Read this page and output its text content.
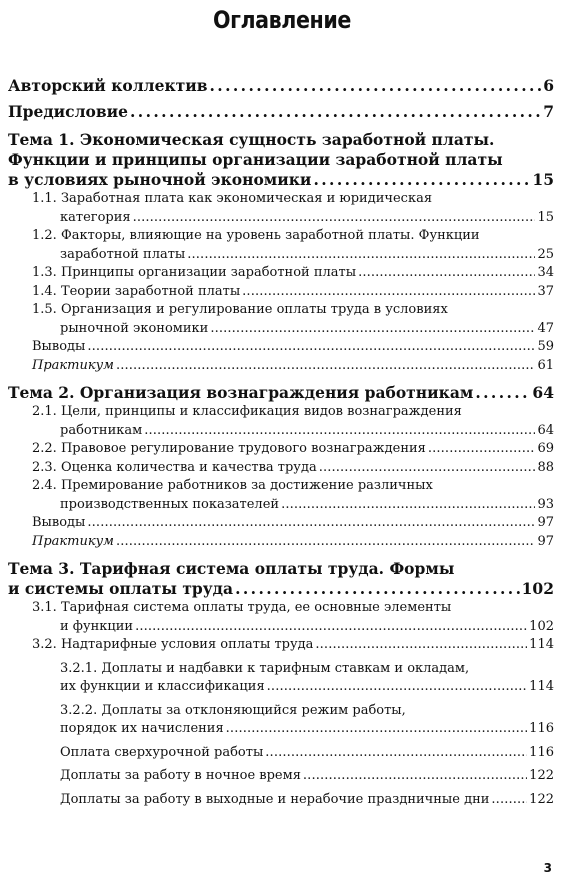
Оглавление
Авторский коллектив . . .	6
Предисловие . . .	7
Тема 1. Экономическая сущность заработной платы.
Функции и принципы организации заработной платы
в условиях рыночной экономики . . .	15
1.1. Заработная плата как экономическая и юридическая
категория . . .	15
1.2. Факторы, влияющие на уровень заработной платы. Функции
заработной платы . . .	25
1.3. Принципы организации заработной платы . . .	34
1.4. Теории заработной платы . . .	37
1.5. Организация и регулирование оплаты труда в условиях
рыночной экономики . . .	47
Выводы . . .	59
Практикум . . .	61
Тема 2. Организация вознаграждения работникам . . .	64
2.1. Цели, принципы и классификация видов вознаграждения
работникам . . .	64
2.2. Правовое регулирование трудового вознаграждения . . .	69
2.3. Оценка количества и качества труда . . .	88
2.4. Премирование работников за достижение различных
производственных показателей . . .	93
Выводы . . .	97
Практикум . . .	97
Тема 3. Тарифная система оплаты труда. Формы
и системы оплаты труда . . .	102
3.1. Тарифная система оплаты труда, ее основные элементы
и функции . . .	102
3.2. Надтарифные условия оплаты труда . . .	114
3.2.1. Доплаты и надбавки к тарифным ставкам и окладам,
их функции и классификация . . .	114
3.2.2. Доплаты за отклоняющийся режим работы,
порядок их начисления . . .	116
Оплата сверхурочной работы . . .	116
Доплаты за работу в ночное время . . .	122
Доплаты за работу в выходные и нерабочие праздничные дни . . .	122
3
